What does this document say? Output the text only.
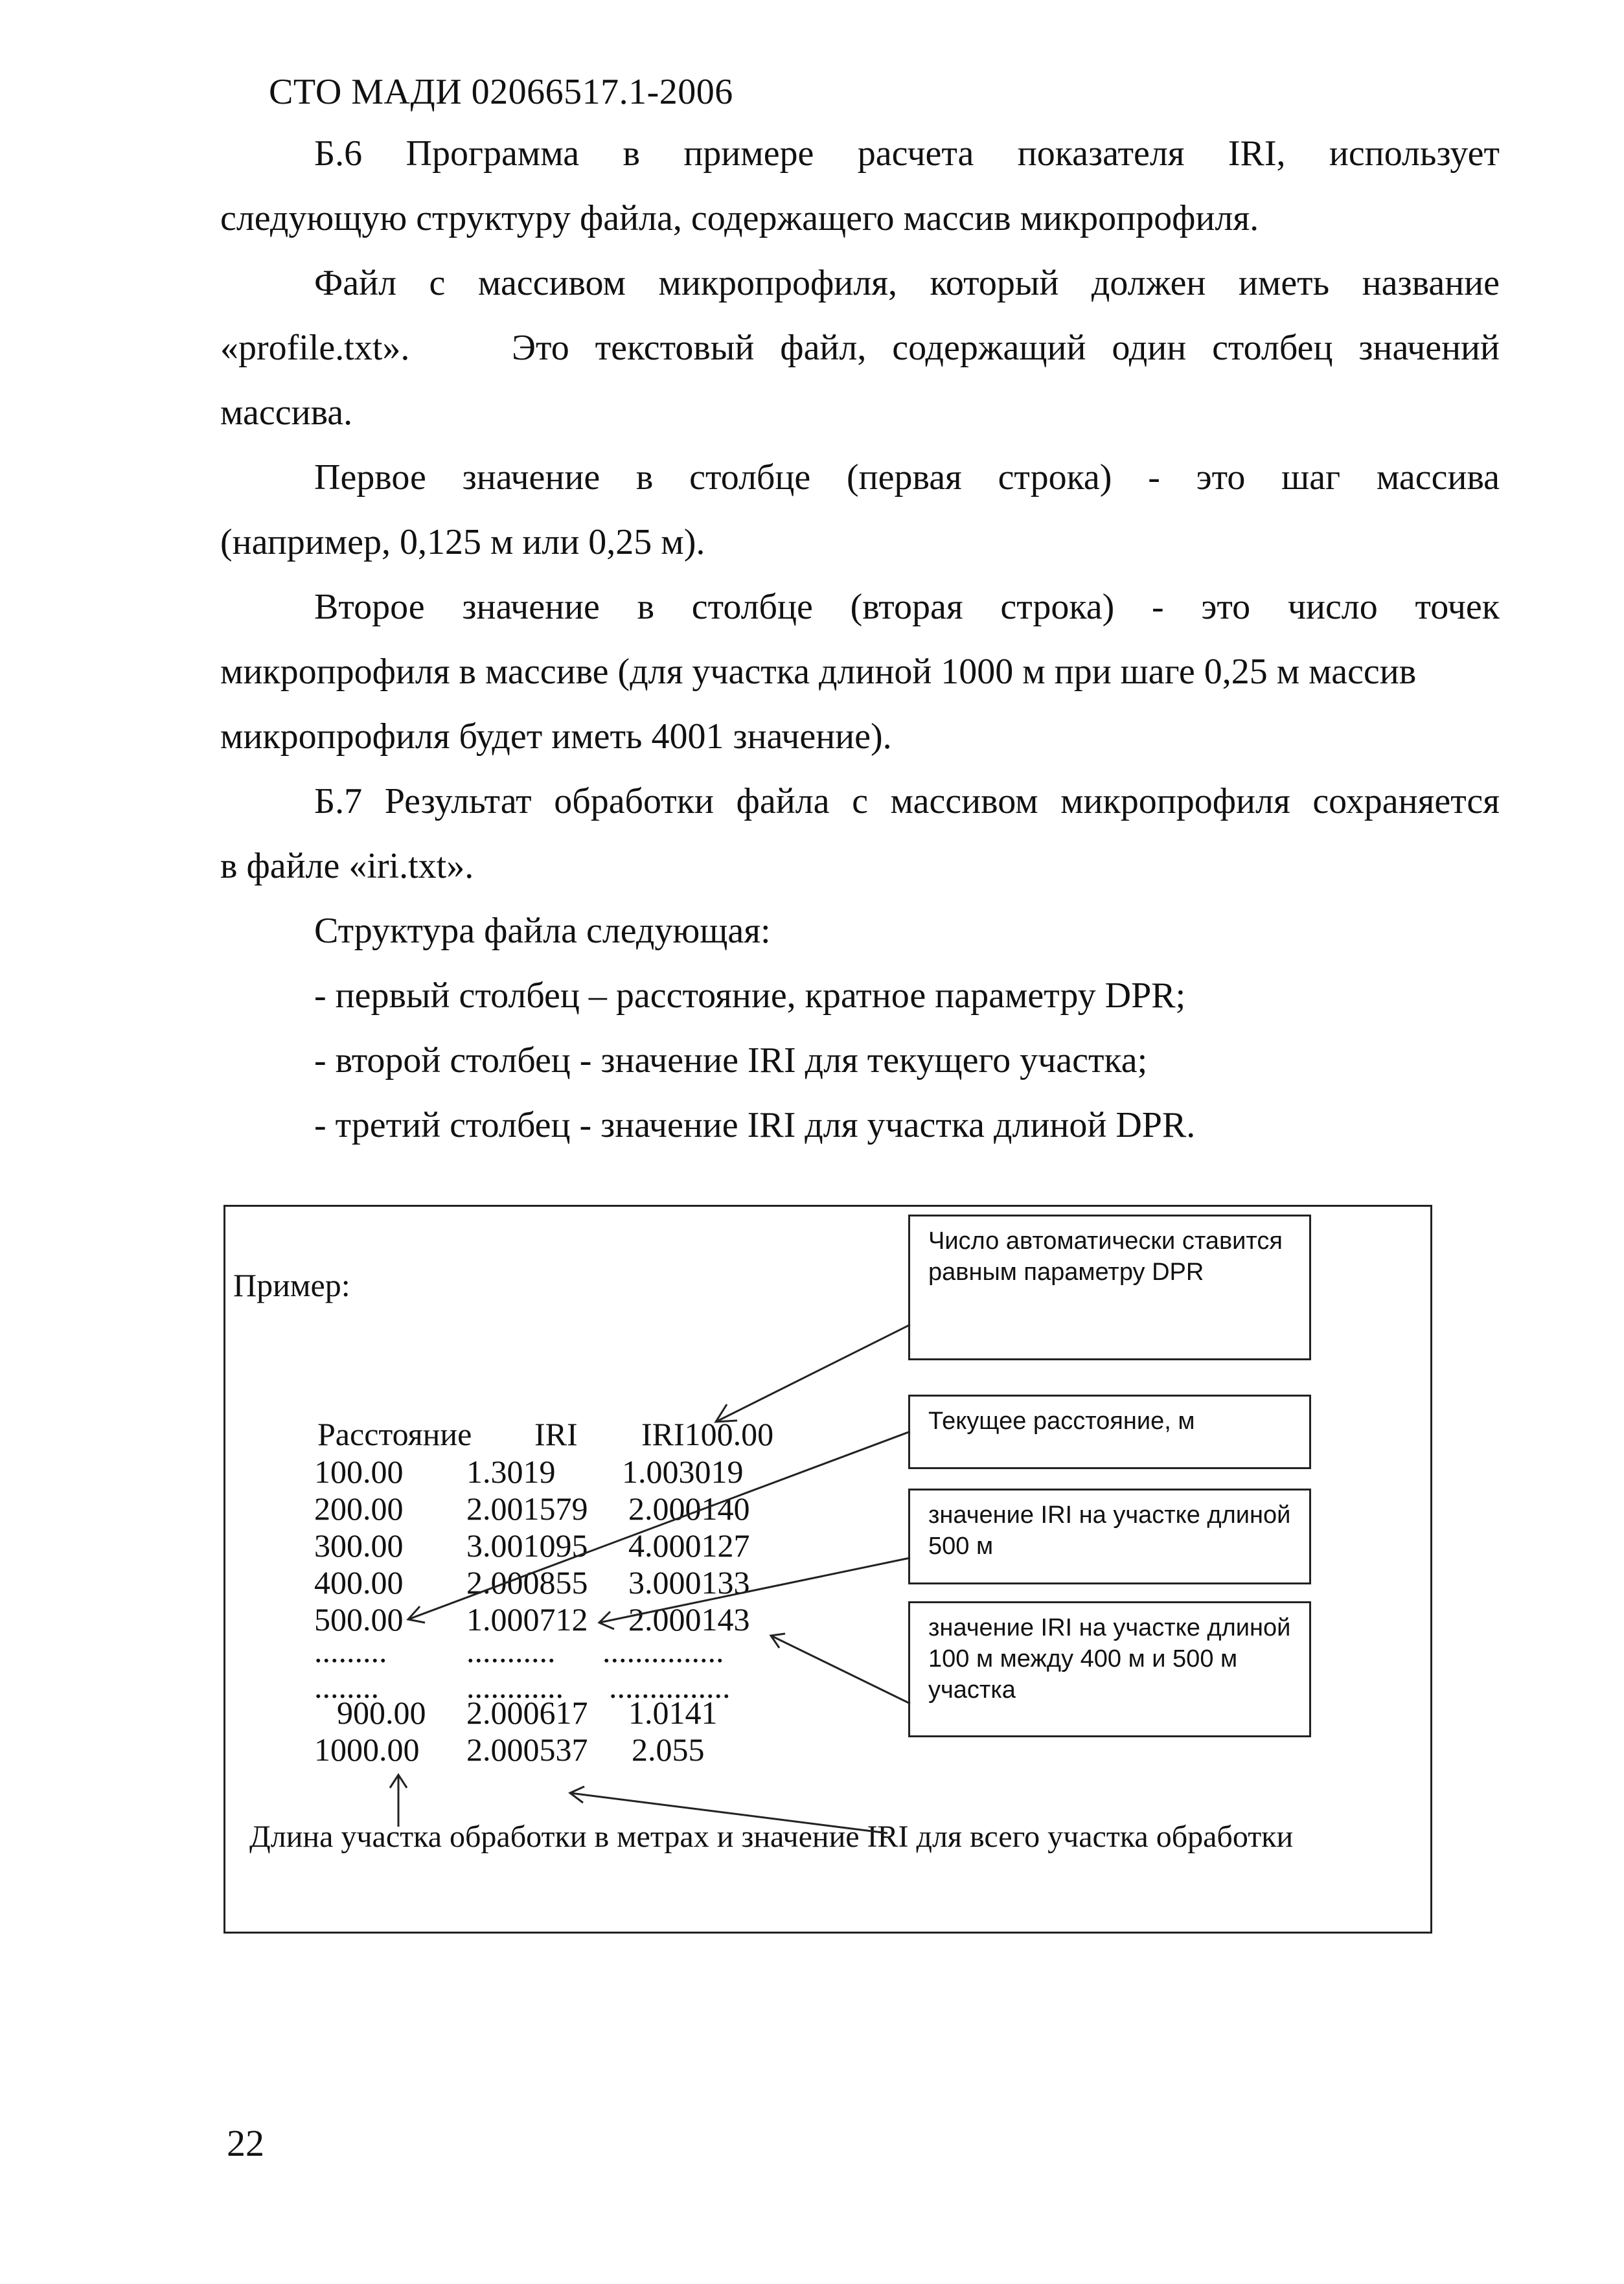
СТО МАДИ 02066517.1-2006
Б.6 Программа в примере расчета показателя IRI, использует
следующую структуру файла, содержащего массив микропрофиля.
Файл с массивом микропрофиля, который должен иметь название
«profile.txt».	Это текстовый файл, содержащий один столбец значений
массива.
Первое значение в столбце (первая строка) - это шаг массива
(например, 0,125 м или 0,25 м).
Второе значение в столбце (вторая строка) - это число точек
микропрофиля в массиве (для участка длиной 1000 м при шаге 0,25 м массив
микропрофиля будет иметь 4001 значение).
Б.7 Результат обработки файла с массивом микропрофиля сохраняется
в файле «iri.txt».
Структура файла следующая:
- первый столбец – расстояние, кратное параметру DPR;
- второй столбец - значение IRI для текущего участка;
- третий столбец - значение IRI для участка длиной DPR.
Пример:
Расстояние IRI IRI100.00
100.00 1.3019 1.003019
200.00 2.001579 2.000140
300.00 3.001095 4.000127
400.00 2.000855 3.000133
500.00 1.000712 2.000143
......... ........... ...............
........	............ ...............
900.00 2.000617 1.0141
1000.00 2.000537 2.055
Длина участка обработки в метрах и значение IRI для всего участка обработки
Число автоматически ставится равным параметру DPR
Текущее расстояние, м
значение IRI на участке длиной 500 м
значение IRI на участке длиной 100 м между 400 м и 500 м участка
22
